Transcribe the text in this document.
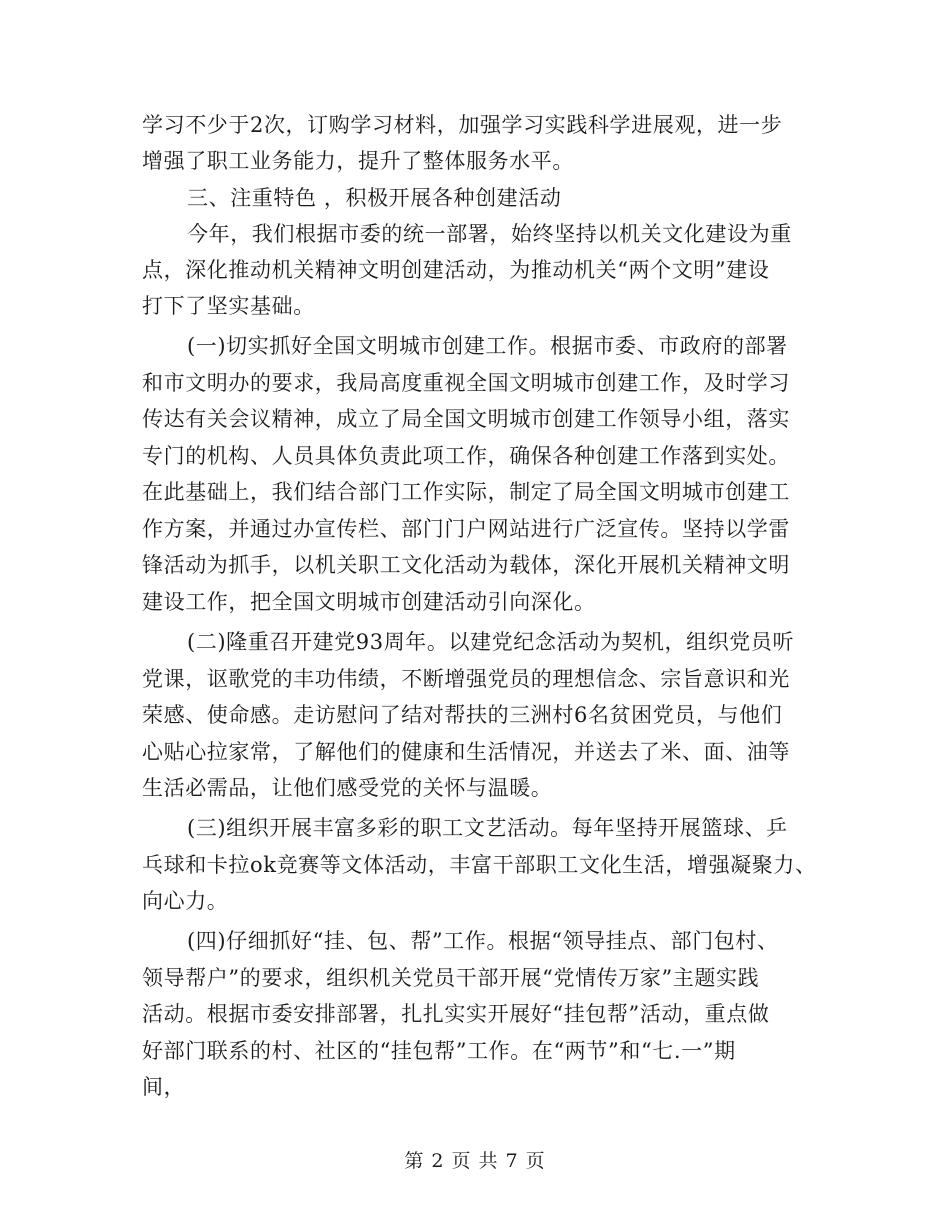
学习不少于2次，订购学习材料，加强学习实践科学进展观，进一步
增强了职工业务能力，提升了整体服务水平。
三、注重特色 ，积极开展各种创建活动
今年，我们根据市委的统一部署，始终坚持以机关文化建设为重
点，深化推动机关精神文明创建活动，为推动机关“两个文明”建设
打下了坚实基础。
(一)切实抓好全国文明城市创建工作。根据市委、市政府的部署
和市文明办的要求，我局高度重视全国文明城市创建工作，及时学习
传达有关会议精神，成立了局全国文明城市创建工作领导小组，落实
专门的机构、人员具体负责此项工作，确保各种创建工作落到实处。
在此基础上，我们结合部门工作实际，制定了局全国文明城市创建工
作方案，并通过办宣传栏、部门门户网站进行广泛宣传。坚持以学雷
锋活动为抓手，以机关职工文化活动为载体，深化开展机关精神文明
建设工作，把全国文明城市创建活动引向深化。
(二)隆重召开建党93周年。以建党纪念活动为契机，组织党员听
党课，讴歌党的丰功伟绩，不断增强党员的理想信念、宗旨意识和光
荣感、使命感。走访慰问了结对帮扶的三洲村6名贫困党员，与他们
心贴心拉家常，了解他们的健康和生活情况，并送去了米、面、油等
生活必需品，让他们感受党的关怀与温暖。
(三)组织开展丰富多彩的职工文艺活动。每年坚持开展篮球、乒
乓球和卡拉ok竞赛等文体活动，丰富干部职工文化生活，增强凝聚力、
向心力。
(四)仔细抓好“挂、包、帮”工作。根据“领导挂点、部门包村、
领导帮户”的要求，组织机关党员干部开展“党情传万家”主题实践
活动。根据市委安排部署，扎扎实实开展好“挂包帮”活动，重点做
好部门联系的村、社区的“挂包帮”工作。在“两节”和“七.一”期
间，
第 2 页 共 7 页
